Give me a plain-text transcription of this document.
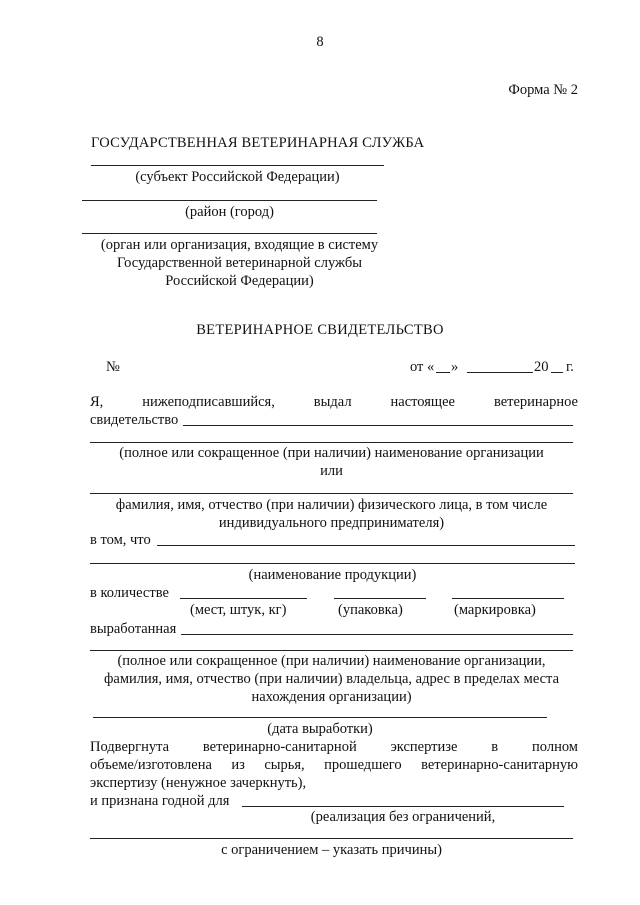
8
Форма № 2
ГОСУДАРСТВЕННАЯ ВЕТЕРИНАРНАЯ СЛУЖБА
(субъект Российской Федерации)
(район (город)
(орган или организация, входящие в систему
Государственной ветеринарной службы
Российской Федерации)
ВЕТЕРИНАРНОЕ СВИДЕТЕЛЬСТВО
№	от « »	20 г.
Я,	нижеподписавшийся,	выдал	настоящее	ветеринарное
свидетельство
(полное или сокращенное (при наличии) наименование организации
или
фамилия, имя, отчество (при наличии) физического лица, в том числе
индивидуального предпринимателя)
в том, что
(наименование продукции)
в количестве
(мест, штук, кг)	(упаковка)	(маркировка)
выработанная
(полное или сокращенное (при наличии) наименование организации,
фамилия, имя, отчество (при наличии) владельца, адрес в пределах места
нахождения организации)
(дата выработки)
Подвергнута ветеринарно-санитарной экспертизе в полном
объеме/изготовлена из сырья, прошедшего ветеринарно-санитарную
экспертизу (ненужное зачеркнуть),
и признана годной для
(реализация без ограничений,
с ограничением – указать причины)
